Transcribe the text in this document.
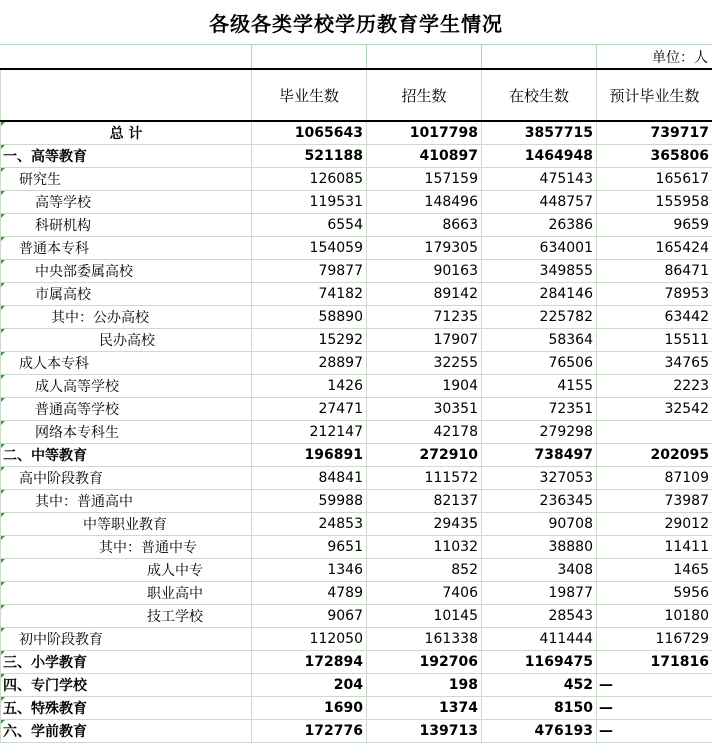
各级各类学校学历教育学生情况
单位：人
	毕业生数	招生数	在校生数	预计毕业生数

总 计	1065643	1017798	3857715	739717

一、高等教育	521188	410897	1464948	365806

研究生	126085	157159	475143	165617

高等学校	119531	148496	448757	155958

科研机构	6554	8663	26386	9659

普通本专科	154059	179305	634001	165424

中央部委属高校	79877	90163	349855	86471

市属高校	74182	89142	284146	78953

其中：公办高校	58890	71235	225782	63442

民办高校	15292	17907	58364	15511

成人本专科	28897	32255	76506	34765

成人高等学校	1426	1904	4155	2223

普通高等学校	27471	30351	72351	32542

网络本专科生	212147	42178	279298	

二、中等教育	196891	272910	738497	202095

高中阶段教育	84841	111572	327053	87109

其中：普通高中	59988	82137	236345	73987

中等职业教育	24853	29435	90708	29012

其中：普通中专	9651	11032	38880	11411

成人中专	1346	852	3408	1465

职业高中	4789	7406	19877	5956

技工学校	9067	10145	28543	10180

初中阶段教育	112050	161338	411444	116729

三、小学教育	172894	192706	1169475	171816

四、专门学校	204	198	452	—

五、特殊教育	1690	1374	8150	—

六、学前教育	172776	139713	476193	—
